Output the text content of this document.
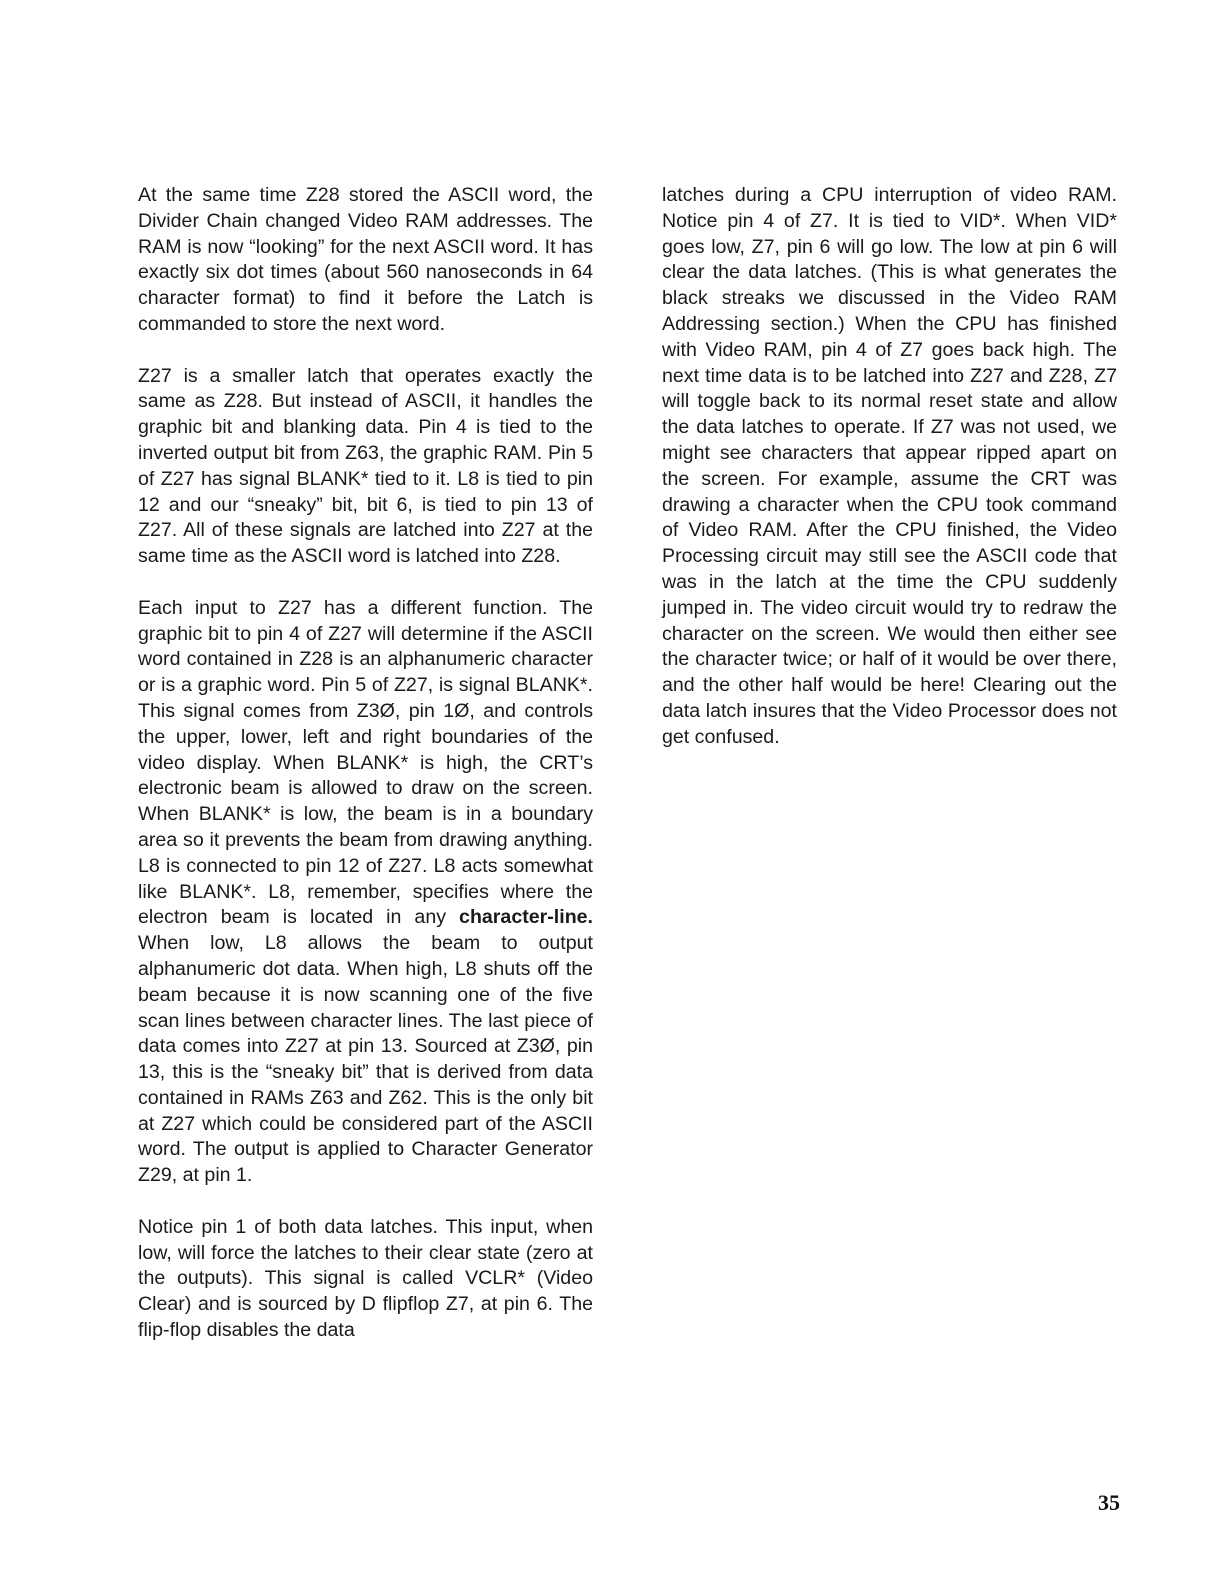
At the same time Z28 stored the ASCII word, the Divider Chain changed Video RAM addresses. The RAM is now “looking” for the next ASCII word. It has exactly six dot times (about 560 nanoseconds in 64 character format) to find it before the Latch is commanded to store the next word.

Z27 is a smaller latch that operates exactly the same as Z28. But instead of ASCII, it handles the graphic bit and blanking data. Pin 4 is tied to the inverted output bit from Z63, the graphic RAM. Pin 5 of Z27 has signal BLANK* tied to it. L8 is tied to pin 12 and our “sneaky” bit, bit 6, is tied to pin 13 of Z27. All of these signals are latched into Z27 at the same time as the ASCII word is latched into Z28.

Each input to Z27 has a different function. The graphic bit to pin 4 of Z27 will determine if the ASCII word contained in Z28 is an alphanumeric character or is a graphic word. Pin 5 of Z27, is signal BLANK*. This signal comes from Z3Ø, pin 1Ø, and controls the upper, lower, left and right boundaries of the video display. When BLANK* is high, the CRT’s electronic beam is allowed to draw on the screen. When BLANK* is low, the beam is in a boundary area so it prevents the beam from drawing anything. L8 is connected to pin 12 of Z27. L8 acts somewhat like BLANK*. L8, remember, specifies where the electron beam is located in any character-line. When low, L8 allows the beam to output alphanumeric dot data. When high, L8 shuts off the beam because it is now scanning one of the five scan lines between character lines. The last piece of data comes into Z27 at pin 13. Sourced at Z3Ø, pin 13, this is the “sneaky bit” that is derived from data contained in RAMs Z63 and Z62. This is the only bit at Z27 which could be considered part of the ASCII word. The output is applied to Character Generator Z29, at pin 1.

Notice pin 1 of both data latches. This input, when low, will force the latches to their clear state (zero at the outputs). This signal is called VCLR* (Video Clear) and is sourced by D flipflop Z7, at pin 6. The flip-flop disables the data

latches during a CPU interruption of video RAM. Notice pin 4 of Z7. It is tied to VID*. When VID* goes low, Z7, pin 6 will go low. The low at pin 6 will clear the data latches. (This is what generates the black streaks we discussed in the Video RAM Addressing section.) When the CPU has finished with Video RAM, pin 4 of Z7 goes back high. The next time data is to be latched into Z27 and Z28, Z7 will toggle back to its normal reset state and allow the data latches to operate. If Z7 was not used, we might see characters that appear ripped apart on the screen. For example, assume the CRT was drawing a character when the CPU took command of Video RAM. After the CPU finished, the Video Processing circuit may still see the ASCII code that was in the latch at the time the CPU suddenly jumped in. The video circuit would try to redraw the character on the screen. We would then either see the character twice; or half of it would be over there, and the other half would be here! Clearing out the data latch insures that the Video Processor does not get confused.

35
